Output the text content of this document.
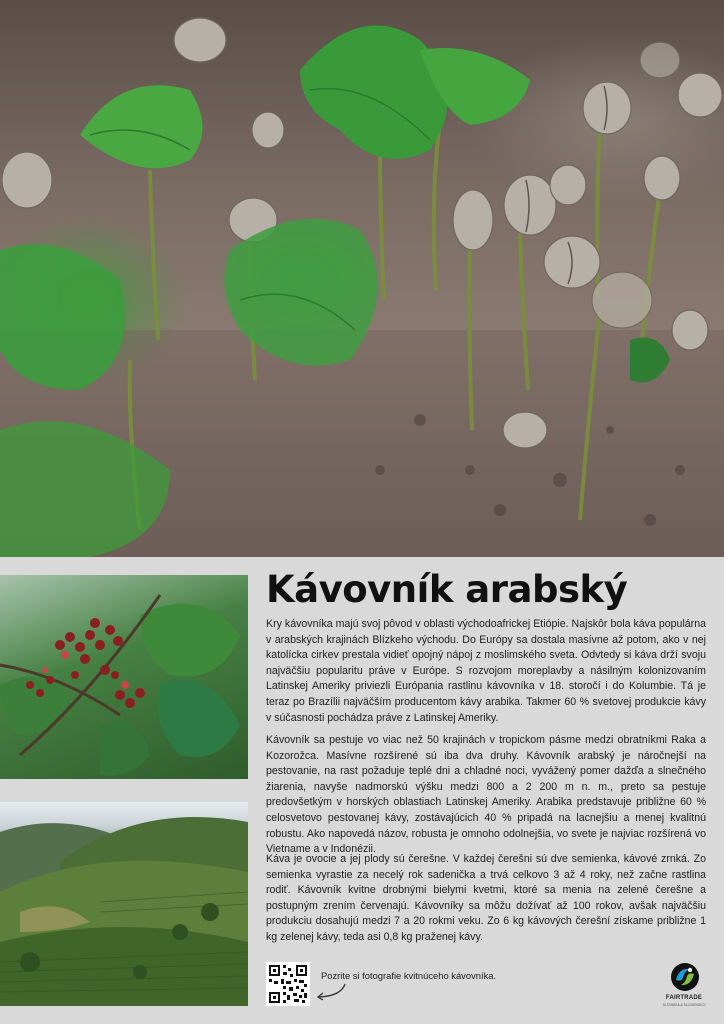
Kávovník arabský

Kry kávovníka majú svoj pôvod v oblasti východoafrickej Etiópie. Najskôr bola káva populárna v arabských krajinách Blízkeho východu. Do Európy sa dostala masívne až potom, ako v nej katolícka cirkev prestala vidieť opojný nápoj z moslimského sveta. Odvtedy si káva drží svoju najväčšiu popularitu práve v Európe. S rozvojom moreplavby a násilným kolonizovaním Latinskej Ameriky priviezli Európania rastlinu kávovníka v 18. storočí i do Kolumbie. Tá je teraz po Brazílii najväčším producentom kávy arabika. Takmer 60 % svetovej produkcie kávy v súčasnosti pochádza práve z Latinskej Ameriky.

Kávovník sa pestuje vo viac než 50 krajinách v tropickom pásme medzi obratníkmi Raka a Kozorožca. Masívne rozšírené sú iba dva druhy. Kávovník arabský je náročnejší na pestovanie, na rast požaduje teplé dni a chladné noci, vyvážený pomer dažďa a slnečného žiarenia, navyše nadmorskú výšku medzi 800 a 2 200 m n. m., preto sa pestuje predovšetkým v horských oblastiach Latinskej Ameriky. Arabika predstavuje približne 60 % celosvetovo pestovanej kávy, zostávajúcich 40 % pripadá na lacnejšiu a menej kvalitnú robustu. Ako napovedá názov, robusta je omnoho odolnejšia, vo svete je najviac rozšírená vo Vietname a v Indonézii.

Káva je ovocie a jej plody sú čerešne. V každej čerešni sú dve semienka, kávové zrnká. Zo semienka vyrastie za necelý rok sadenička a trvá celkovo 3 až 4 roky, než začne rastlina rodiť. Kávovník kvitne drobnými bielymi kvetmi, ktoré sa menia na zelené čerešne a postupným zrením červenajú. Kávovníky sa môžu dožívať až 100 rokov, avšak najväčšiu produkciu dosahujú medzi 7 a 20 rokmi veku. Zo 6 kg kávových čerešní získame približne 1 kg zelenej kávy, teda asi 0,8 kg praženej kávy.

Pozrite si fotografie kvitnúceho kávovníka.
FAIRTRADE
SLOVAKIA & SLOVENSKO
